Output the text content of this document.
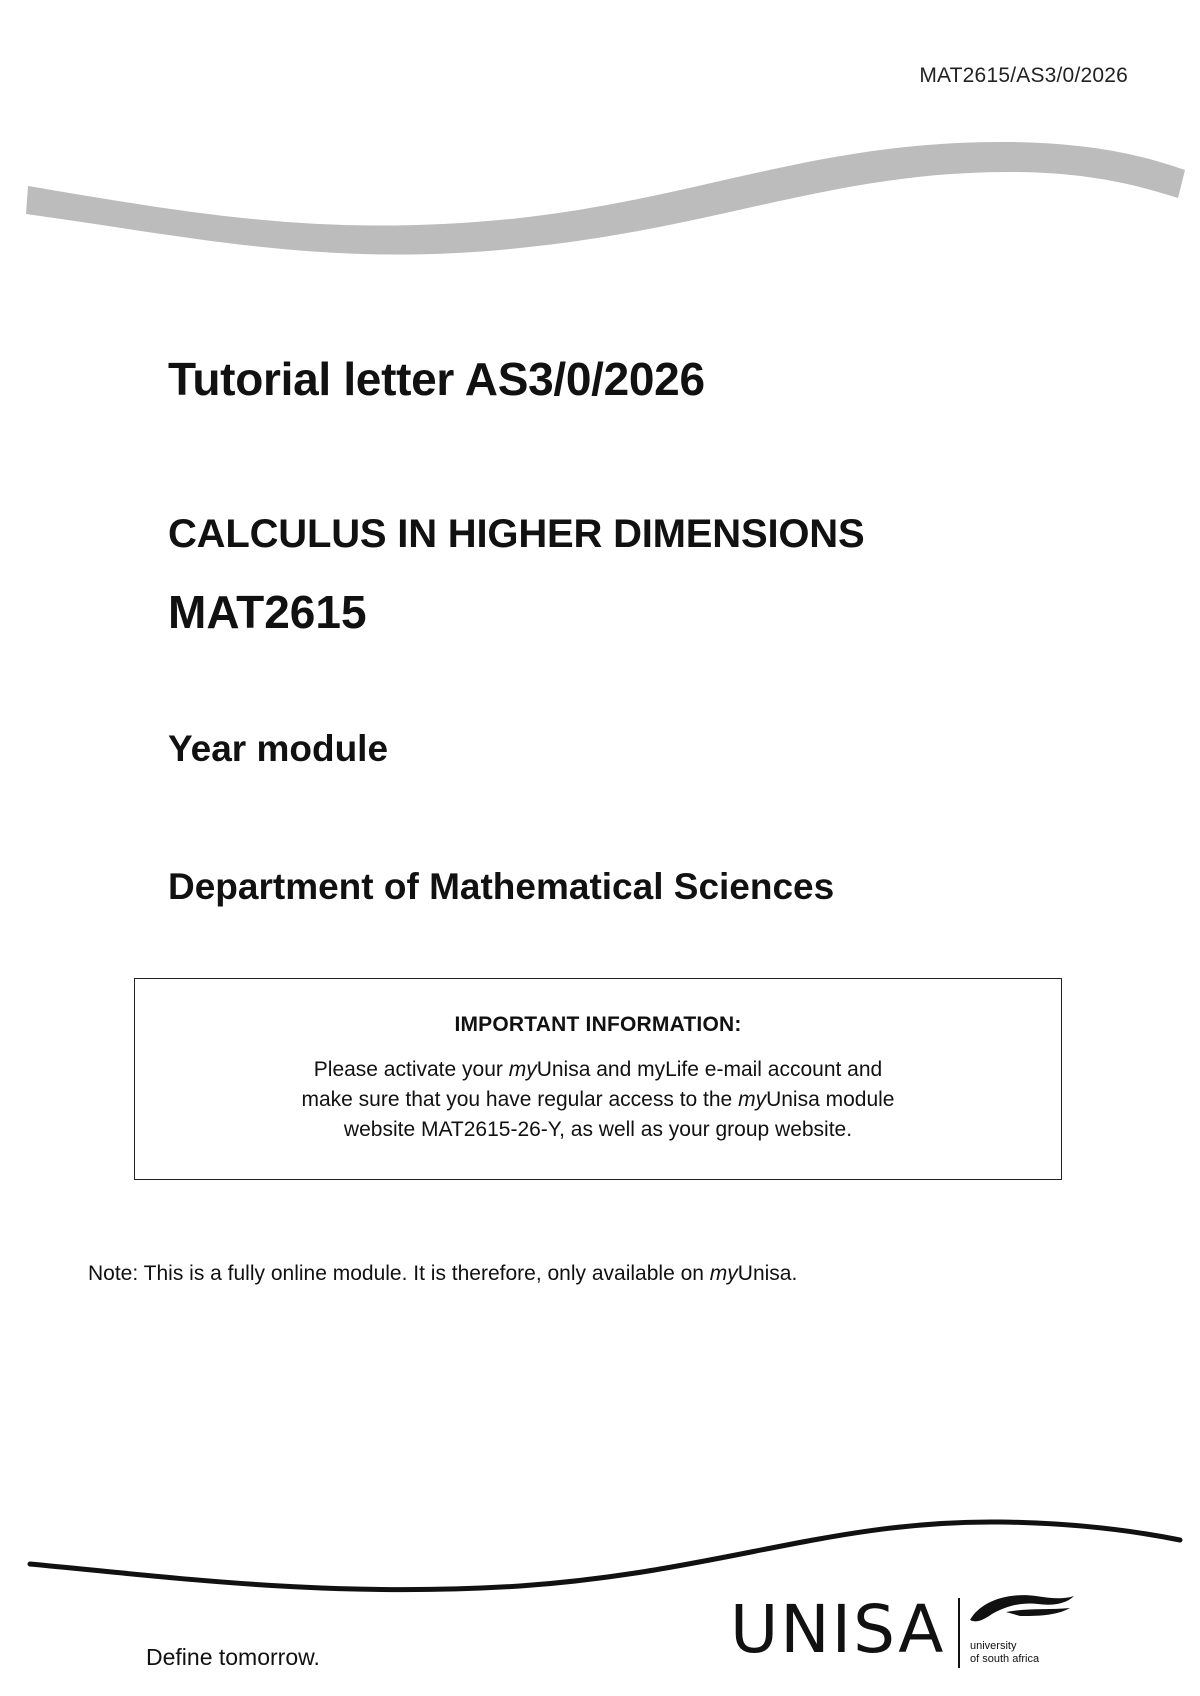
MAT2615/AS3/0/2026
Tutorial letter AS3/0/2026
CALCULUS IN HIGHER DIMENSIONS
MAT2615
Year module
Department of Mathematical Sciences
IMPORTANT INFORMATION:
Please activate your myUnisa and myLife e-mail account and
make sure that you have regular access to the myUnisa module
website MAT2615-26-Y, as well as your group website.
Note: This is a fully online module. It is therefore, only available on myUnisa.
Define tomorrow.	UNISA university
of south africa
